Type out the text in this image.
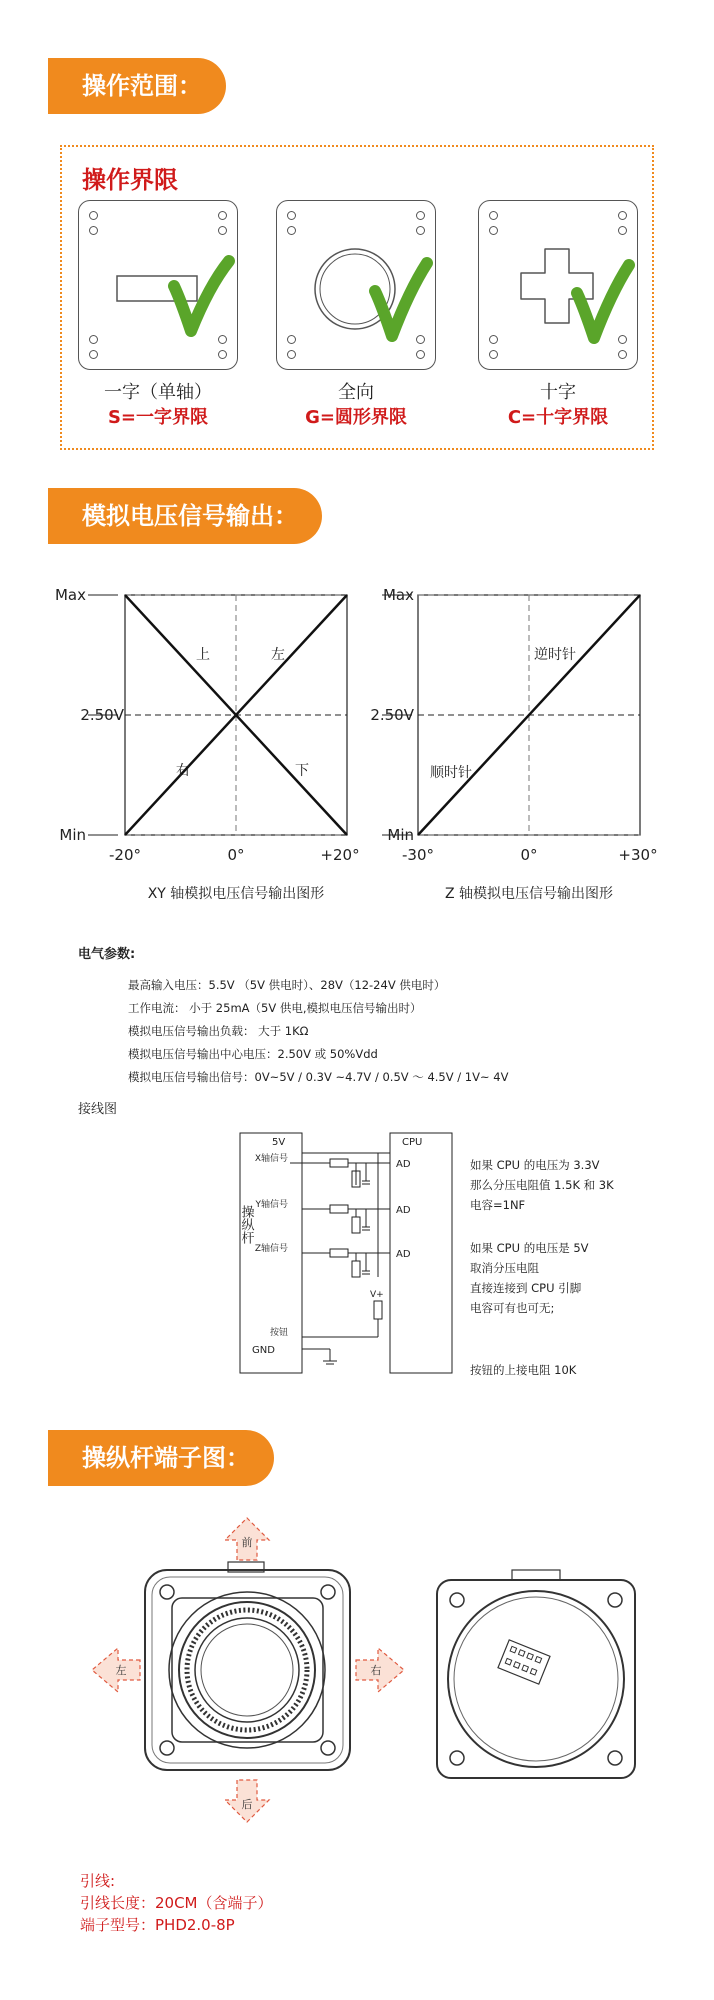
操作范围：
操作界限
一字（单轴）
S=一字界限
全向
G=圆形界限
十字
C=十字界限
模拟电压信号输出：
Max
2.50V
Min
-20°	0°	+20°
上	左
右	下
XY 轴模拟电压信号输出图形
Max
2.50V
Min
-30°	0°	+30°
逆时针
顺时针
Z 轴模拟电压信号输出图形
电气参数:
最高输入电压：5.5V （5V 供电时）、28V（12-24V 供电时）
工作电流： 小于 25mA（5V 供电,模拟电压信号输出时）
模拟电压信号输出负载： 大于 1KΩ
模拟电压信号输出中心电压：2.50V 或 50%Vdd
模拟电压信号输出信号：0V~5V / 0.3V ~4.7V / 0.5V ～ 4.5V / 1V~ 4V
接线图
5V
X轴信号
Y轴信号
Z轴信号
按钮
GND
操纵杆
CPU
AD
AD
AD
V+
如果 CPU 的电压为 3.3V
那么分压电阻值 1.5K 和 3K
电容=1NF
如果 CPU 的电压是 5V
取消分压电阻
直接连接到 CPU 引脚
电容可有也可无;
按钮的上接电阻 10K
操纵杆端子图：
前
后
左	右
引线:
引线长度：20CM（含端子）
端子型号：PHD2.0-8P
